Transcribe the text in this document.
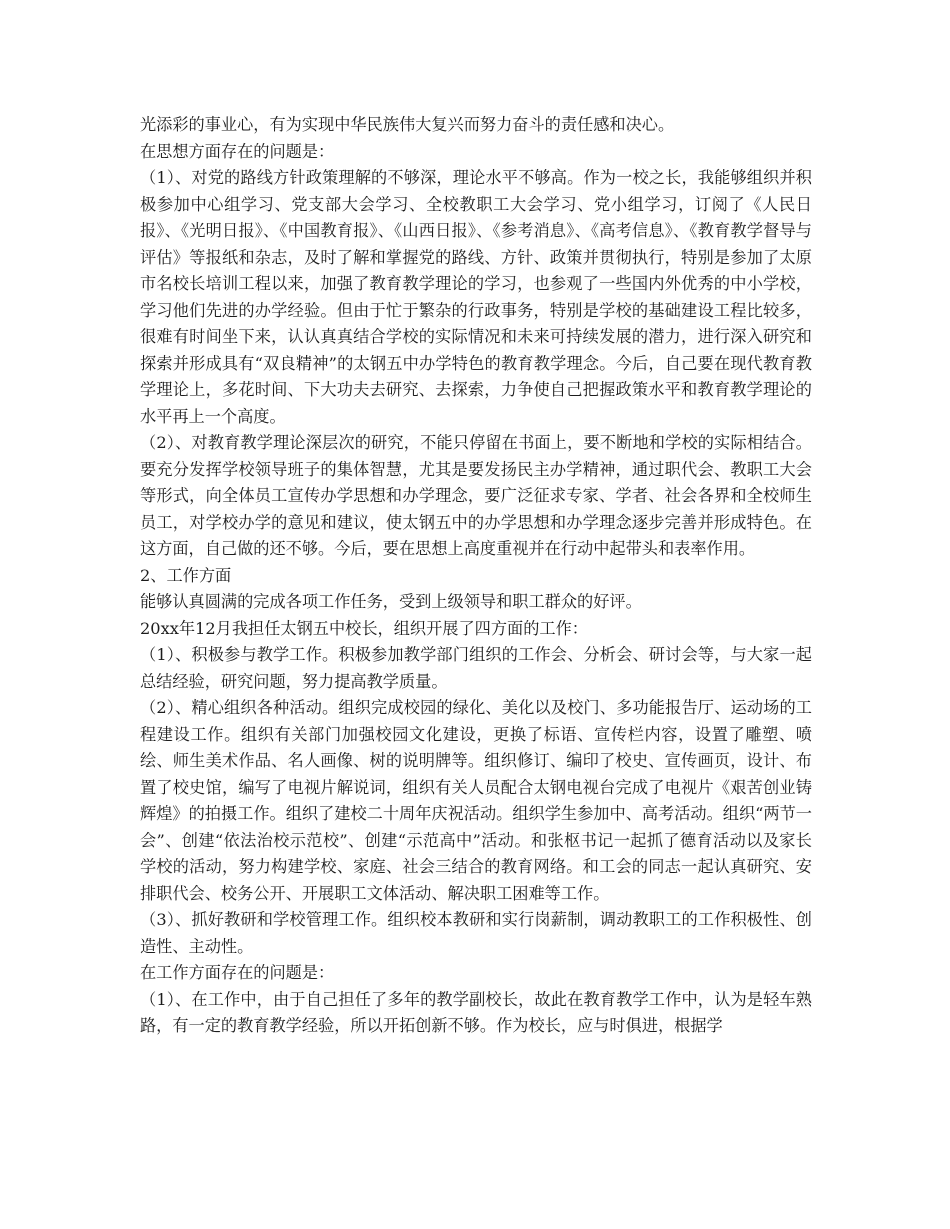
光添彩的事业心，有为实现中华民族伟大复兴而努力奋斗的责任感和决心。

在思想方面存在的问题是：

（1）、对党的路线方针政策理解的不够深，理论水平不够高。作为一校之长，我能够组织并积极参加中心组学习、党支部大会学习、全校教职工大会学习、党小组学习，订阅了《人民日报》、《光明日报》、《中国教育报》、《山西日报》、《参考消息》、《高考信息》、《教育教学督导与评估》等报纸和杂志，及时了解和掌握党的路线、方针、政策并贯彻执行，特别是参加了太原市名校长培训工程以来，加强了教育教学理论的学习，也参观了一些国内外优秀的中小学校，学习他们先进的办学经验。但由于忙于繁杂的行政事务，特别是学校的基础建设工程比较多，很难有时间坐下来，认认真真结合学校的实际情况和未来可持续发展的潜力，进行深入研究和探索并形成具有“双良精神”的太钢五中办学特色的教育教学理念。今后，自己要在现代教育教学理论上，多花时间、下大功夫去研究、去探索，力争使自己把握政策水平和教育教学理论的水平再上一个高度。

（2）、对教育教学理论深层次的研究，不能只停留在书面上，要不断地和学校的实际相结合。要充分发挥学校领导班子的集体智慧，尤其是要发扬民主办学精神，通过职代会、教职工大会等形式，向全体员工宣传办学思想和办学理念，要广泛征求专家、学者、社会各界和全校师生员工，对学校办学的意见和建议，使太钢五中的办学思想和办学理念逐步完善并形成特色。在这方面，自己做的还不够。今后，要在思想上高度重视并在行动中起带头和表率作用。

2、工作方面

能够认真圆满的完成各项工作任务，受到上级领导和职工群众的好评。

20xx年12月我担任太钢五中校长，组织开展了四方面的工作：

（1）、积极参与教学工作。积极参加教学部门组织的工作会、分析会、研讨会等，与大家一起总结经验，研究问题，努力提高教学质量。

（2）、精心组织各种活动。组织完成校园的绿化、美化以及校门、多功能报告厅、运动场的工程建设工作。组织有关部门加强校园文化建设，更换了标语、宣传栏内容，设置了雕塑、喷绘、师生美术作品、名人画像、树的说明牌等。组织修订、编印了校史、宣传画页，设计、布置了校史馆，编写了电视片解说词，组织有关人员配合太钢电视台完成了电视片《艰苦创业铸辉煌》的拍摄工作。组织了建校二十周年庆祝活动。组织学生参加中、高考活动。组织“两节一会”、创建“依法治校示范校”、创建“示范高中”活动。和张枢书记一起抓了德育活动以及家长学校的活动，努力构建学校、家庭、社会三结合的教育网络。和工会的同志一起认真研究、安排职代会、校务公开、开展职工文体活动、解决职工困难等工作。

（3）、抓好教研和学校管理工作。组织校本教研和实行岗薪制，调动教职工的工作积极性、创造性、主动性。

在工作方面存在的问题是：

（1）、在工作中，由于自己担任了多年的教学副校长，故此在教育教学工作中，认为是轻车熟路，有一定的教育教学经验，所以开拓创新不够。作为校长，应与时俱进，根据学
